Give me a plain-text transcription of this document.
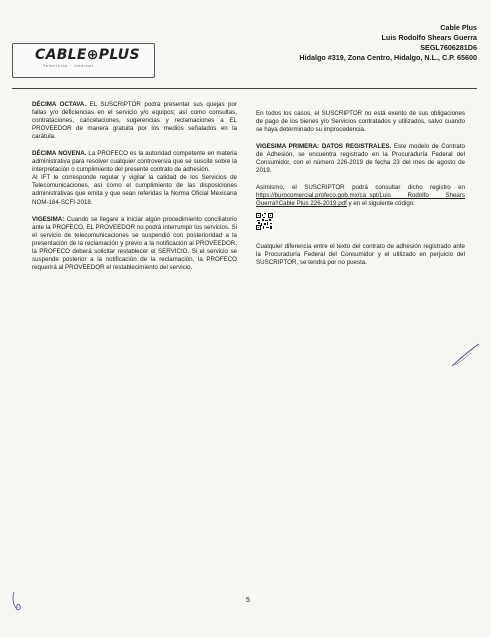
CABLE⊕PLUS
Televisión · Internet
Cable Plus
Luis Rodolfo Shears Guerra
SEGL7606281D6
Hidalgo #319, Zona Centro, Hidalgo, N.L., C.P. 65600

DÉCIMA OCTAVA. EL SUSCRIPTOR podrá presentar sus quejas por fallas y/o deficiencias en el servicio y/o equipos; así como consultas, contrataciones, cancelaciones, sugerencias y reclamaciones a EL PROVEEDOR de manera gratuita por los medios señalados en la carátula.

DÉCIMA NOVENA. La PROFECO es la autoridad competente en materia administrativa para resolver cualquier controversia que se suscite sobre la interpretación o cumplimiento del presente contrato de adhesión.

Al IFT le corresponde regular y vigilar la calidad de los Servicios de Telecomunicaciones, así como el cumplimiento de las disposiciones administrativas que emita y que sean referidas la Norma Oficial Mexicana NOM-184-SCFI-2018.

VIGESIMA: Cuando se llegare a iniciar algún procedimiento conciliatorio ante la PROFECO, EL PROVEEDOR no podrá interrumpir los servicios. Si el servicio de telecomunicaciones se suspendió con posterioridad a la presentación de la reclamación y previo a la notificación al PROVEEDOR, la PROFECO deberá solicitar restablecer el SERVICIO. Si el servicio se suspende posterior a la notificación de la reclamación, la PROFECO requerirá al PROVEEDOR el restablecimiento del servicio.

En todos los casos, el SUSCRIPTOR no está exento de sus obligaciones de pago de los bienes y/o Servicios contratados y utilizados, salvo cuando se haya determinado su improcedencia.

VIGESIMA PRIMERA: DATOS REGISTRALES. Este modelo de Contrato de Adhesión, se encuentra registrado en la Procuraduría Federal del Consumidor, con el número 226-2019 de fecha 23 del mes de agosto de 2019.

Asimismo, el SUSCRIPTOR podrá consultar dicho registro en https://burocomercial.profeco.gob.mx/ca_spt/Luis Rodolfo Shears Guerra!!Cable Plus 226-2019.pdf y en el siguiente código:

Cualquier diferencia entre el texto del contrato de adhesión registrado ante la Procuraduría Federal del Consumidor y el utilizado en perjuicio del SUSCRIPTOR, se tendrá por no puesta.

5
